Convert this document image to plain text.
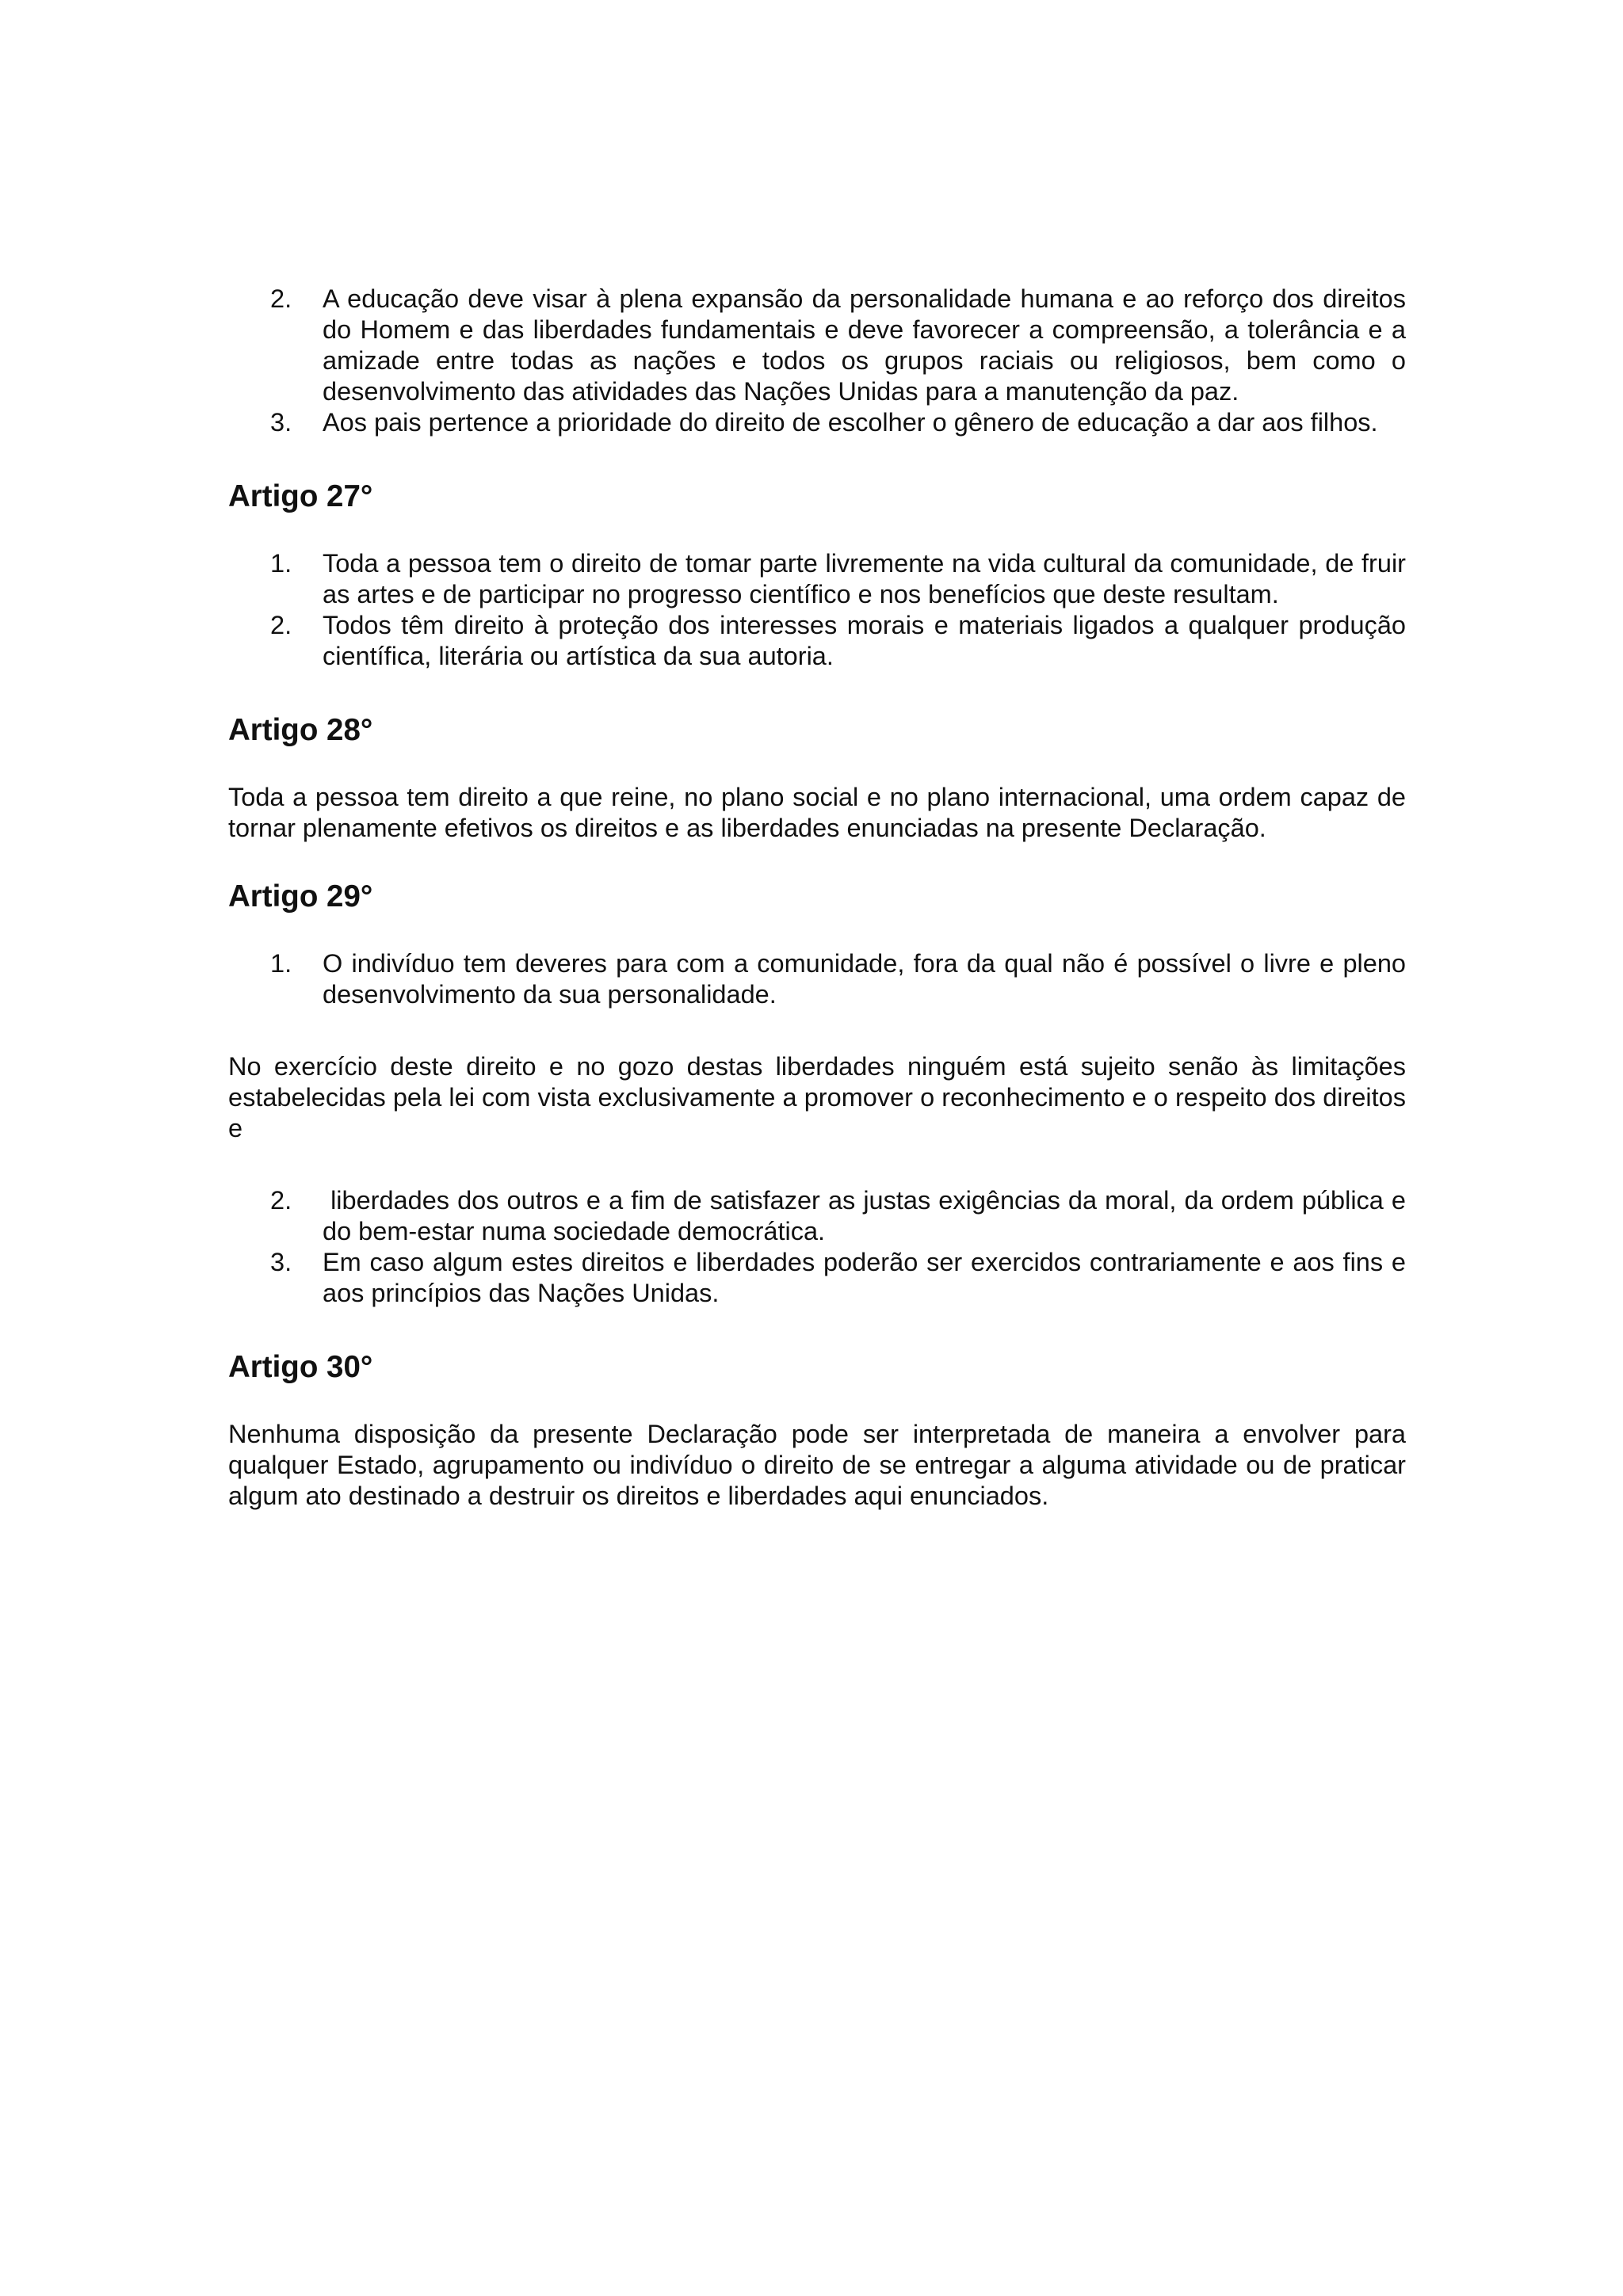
2. A educação deve visar à plena expansão da personalidade humana e ao reforço dos direitos do Homem e das liberdades fundamentais e deve favorecer a compreensão, a tolerância e a amizade entre todas as nações e todos os grupos raciais ou religiosos, bem como o desenvolvimento das atividades das Nações Unidas para a manutenção da paz.
3. Aos pais pertence a prioridade do direito de escolher o gênero de educação a dar aos filhos.
Artigo 27°
1. Toda a pessoa tem o direito de tomar parte livremente na vida cultural da comunidade, de fruir as artes e de participar no progresso científico e nos benefícios que deste resultam.
2. Todos têm direito à proteção dos interesses morais e materiais ligados a qualquer produção científica, literária ou artística da sua autoria.
Artigo 28°

Toda a pessoa tem direito a que reine, no plano social e no plano internacional, uma ordem capaz de tornar plenamente efetivos os direitos e as liberdades enunciadas na presente Declaração.

Artigo 29°
1. O indivíduo tem deveres para com a comunidade, fora da qual não é possível o livre e pleno desenvolvimento da sua personalidade.

No exercício deste direito e no gozo destas liberdades ninguém está sujeito senão às limitações estabelecidas pela lei com vista exclusivamente a promover o reconhecimento e o respeito dos direitos e

2. liberdades dos outros e a fim de satisfazer as justas exigências da moral, da ordem pública e do bem-estar numa sociedade democrática.
3. Em caso algum estes direitos e liberdades poderão ser exercidos contrariamente e aos fins e aos princípios das Nações Unidas.
Artigo 30°

Nenhuma disposição da presente Declaração pode ser interpretada de maneira a envolver para qualquer Estado, agrupamento ou indivíduo o direito de se entregar a alguma atividade ou de praticar algum ato destinado a destruir os direitos e liberdades aqui enunciados.
